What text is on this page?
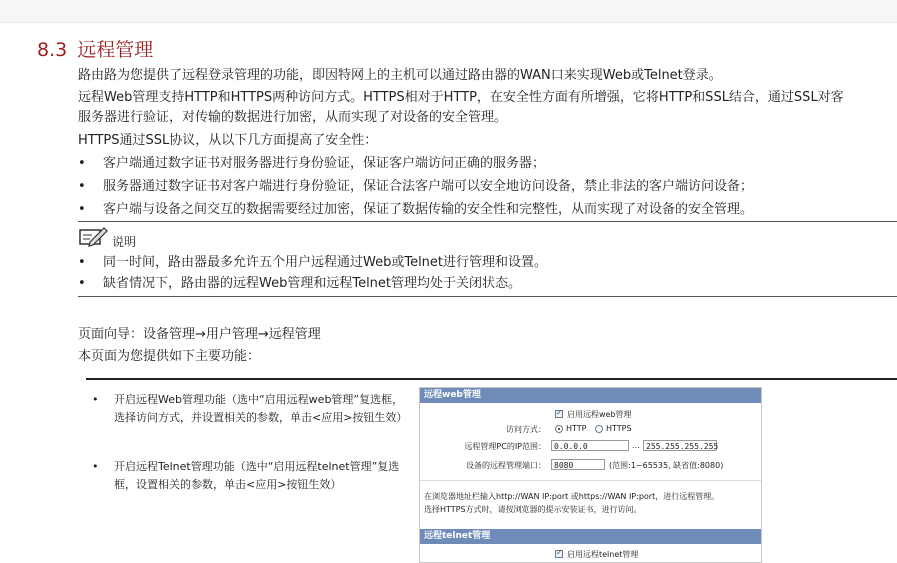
8.3 远程管理
路由路为您提供了远程登录管理的功能，即因特网上的主机可以通过路由器的WAN口来实现Web或Telnet登录。
远程Web管理支持HTTP和HTTPS两种访问方式。HTTPS相对于HTTP，在安全性方面有所增强，它将HTTP和SSL结合，通过SSL对客
服务器进行验证，对传输的数据进行加密，从而实现了对设备的安全管理。
HTTPS通过SSL协议，从以下几方面提高了安全性：
• 客户端通过数字证书对服务器进行身份验证，保证客户端访问正确的服务器；
• 服务器通过数字证书对客户端进行身份验证，保证合法客户端可以安全地访问设备，禁止非法的客户端访问设备；
• 客户端与设备之间交互的数据需要经过加密，保证了数据传输的安全性和完整性，从而实现了对设备的安全管理。
说明
• 同一时间，路由器最多允许五个用户远程通过Web或Telnet进行管理和设置。
• 缺省情况下，路由器的远程Web管理和远程Telnet管理均处于关闭状态。
页面向导：设备管理→用户管理→远程管理
本页面为您提供如下主要功能：
• 开启远程Web管理功能（选中“启用远程web管理”复选框，选择访问方式，并设置相关的参数，单击<应用>按钮生效）
• 开启远程Telnet管理功能（选中“启用远程telnet管理”复选框，设置相关的参数，单击<应用>按钮生效）
远程web管理
✓
启用远程web管理
访问方式：	HTTP HTTPS
远程管理PC的IP范围：	0.0.0.0	... 255.255.255.255
设备的远程管理端口：	8080	(范围:1~65535, 缺省值:8080)
在浏览器地址栏输入http://WAN IP:port 或https://WAN IP:port，进行远程管理。
选择HTTPS方式时，请按浏览器的提示安装证书，进行访问。
远程telnet管理
✓
启用远程telnet管理
